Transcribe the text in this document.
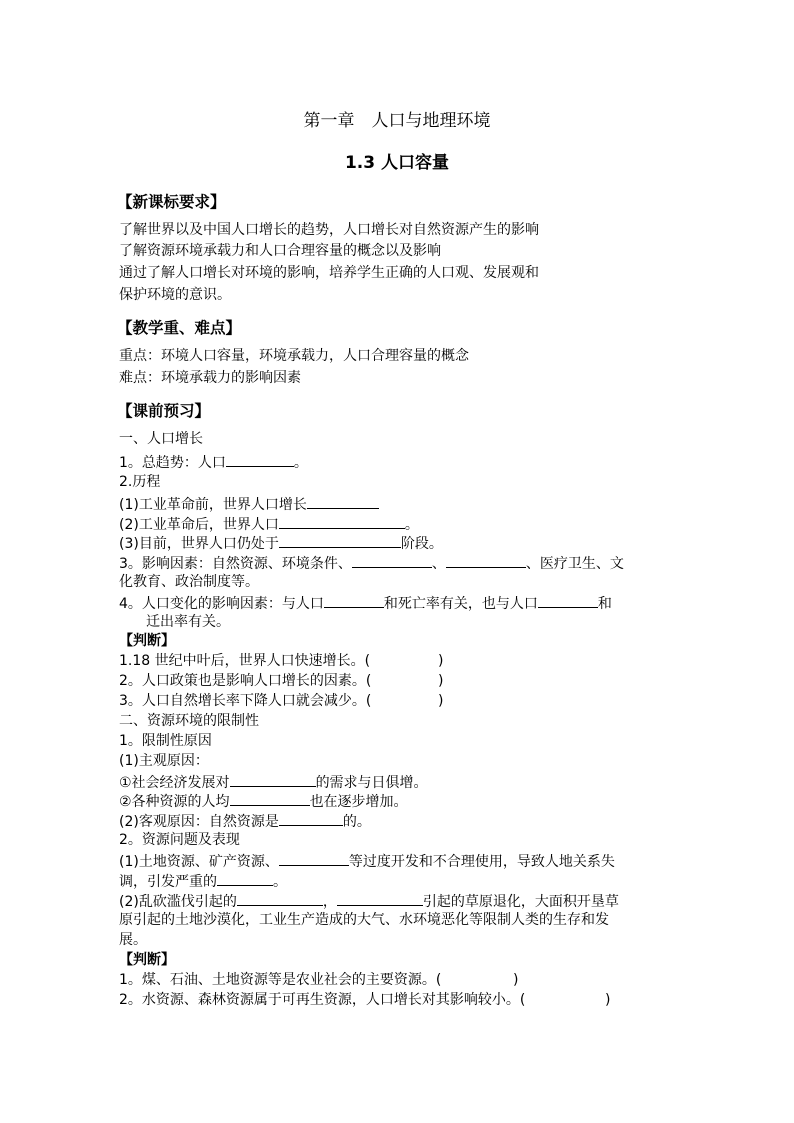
第一章　人口与地理环境
1.3 人口容量
【新课标要求】
了解世界以及中国人口增长的趋势，人口增长对自然资源产生的影响
了解资源环境承载力和人口合理容量的概念以及影响
通过了解人口增长对环境的影响，培养学生正确的人口观、发展观和
保护环境的意识。
【教学重、难点】
重点：环境人口容量，环境承载力，人口合理容量的概念
难点：环境承载力的影响因素
【课前预习】
一、人口增长
1。总趋势：人口	。
2.历程
(1)工业革命前，世界人口增长
(2)工业革命后，世界人口	。
(3)目前，世界人口仍处于	阶段。
3。影响因素：自然资源、环境条件、	、	、医疗卫生、文
化教育、政治制度等。
4。人口变化的影响因素：与人口	和死亡率有关，也与人口	和
迁出率有关。
【判断】
1.18 世纪中叶后，世界人口快速增长。(	)
2。人口政策也是影响人口增长的因素。(	)
3。人口自然增长率下降人口就会减少。(	)
二、资源环境的限制性
1。限制性原因
(1)主观原因：
①社会经济发展对	的需求与日俱增。
②各种资源的人均	也在逐步增加。
(2)客观原因：自然资源是	的。
2。资源问题及表现
(1)土地资源、矿产资源、	等过度开发和不合理使用，导致人地关系失
调，引发严重的	。
(2)乱砍滥伐引起的	，	引起的草原退化，大面积开垦草
原引起的土地沙漠化，工业生产造成的大气、水环境恶化等限制人类的生存和发
展。
【判断】
1。煤、石油、土地资源等是农业社会的主要资源。(	)
2。水资源、森林资源属于可再生资源，人口增长对其影响较小。(	)
